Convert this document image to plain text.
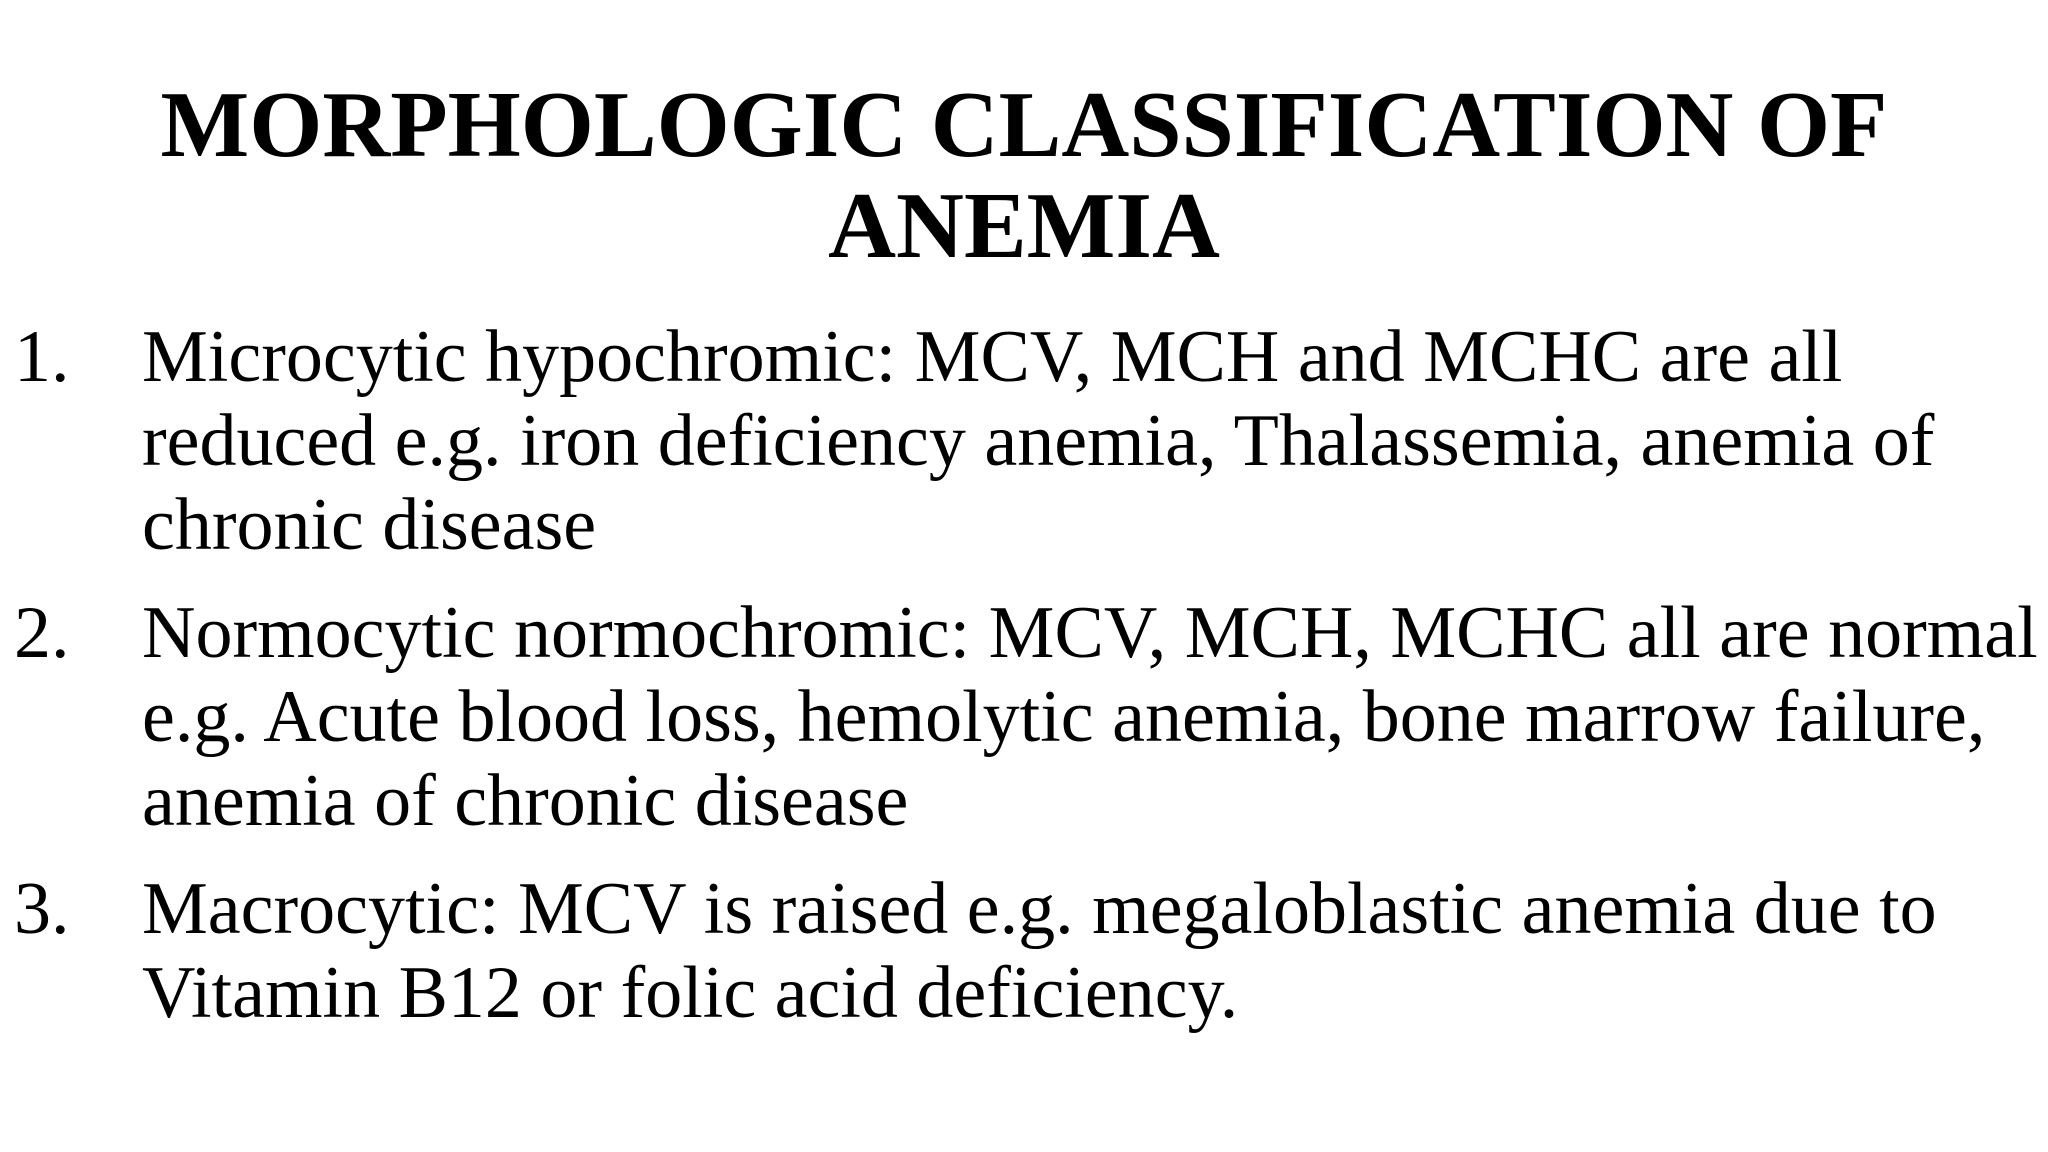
MORPHOLOGIC CLASSIFICATION OF
ANEMIA
1. Microcytic hypochromic: MCV, MCH and MCHC are all reduced e.g. iron deficiency anemia, Thalassemia, anemia of chronic disease
2. Normocytic normochromic: MCV, MCH, MCHC all are normal e.g. Acute blood loss, hemolytic anemia, bone marrow failure, anemia of chronic disease
3. Macrocytic: MCV is raised e.g. megaloblastic anemia due to Vitamin B12 or folic acid deficiency.
